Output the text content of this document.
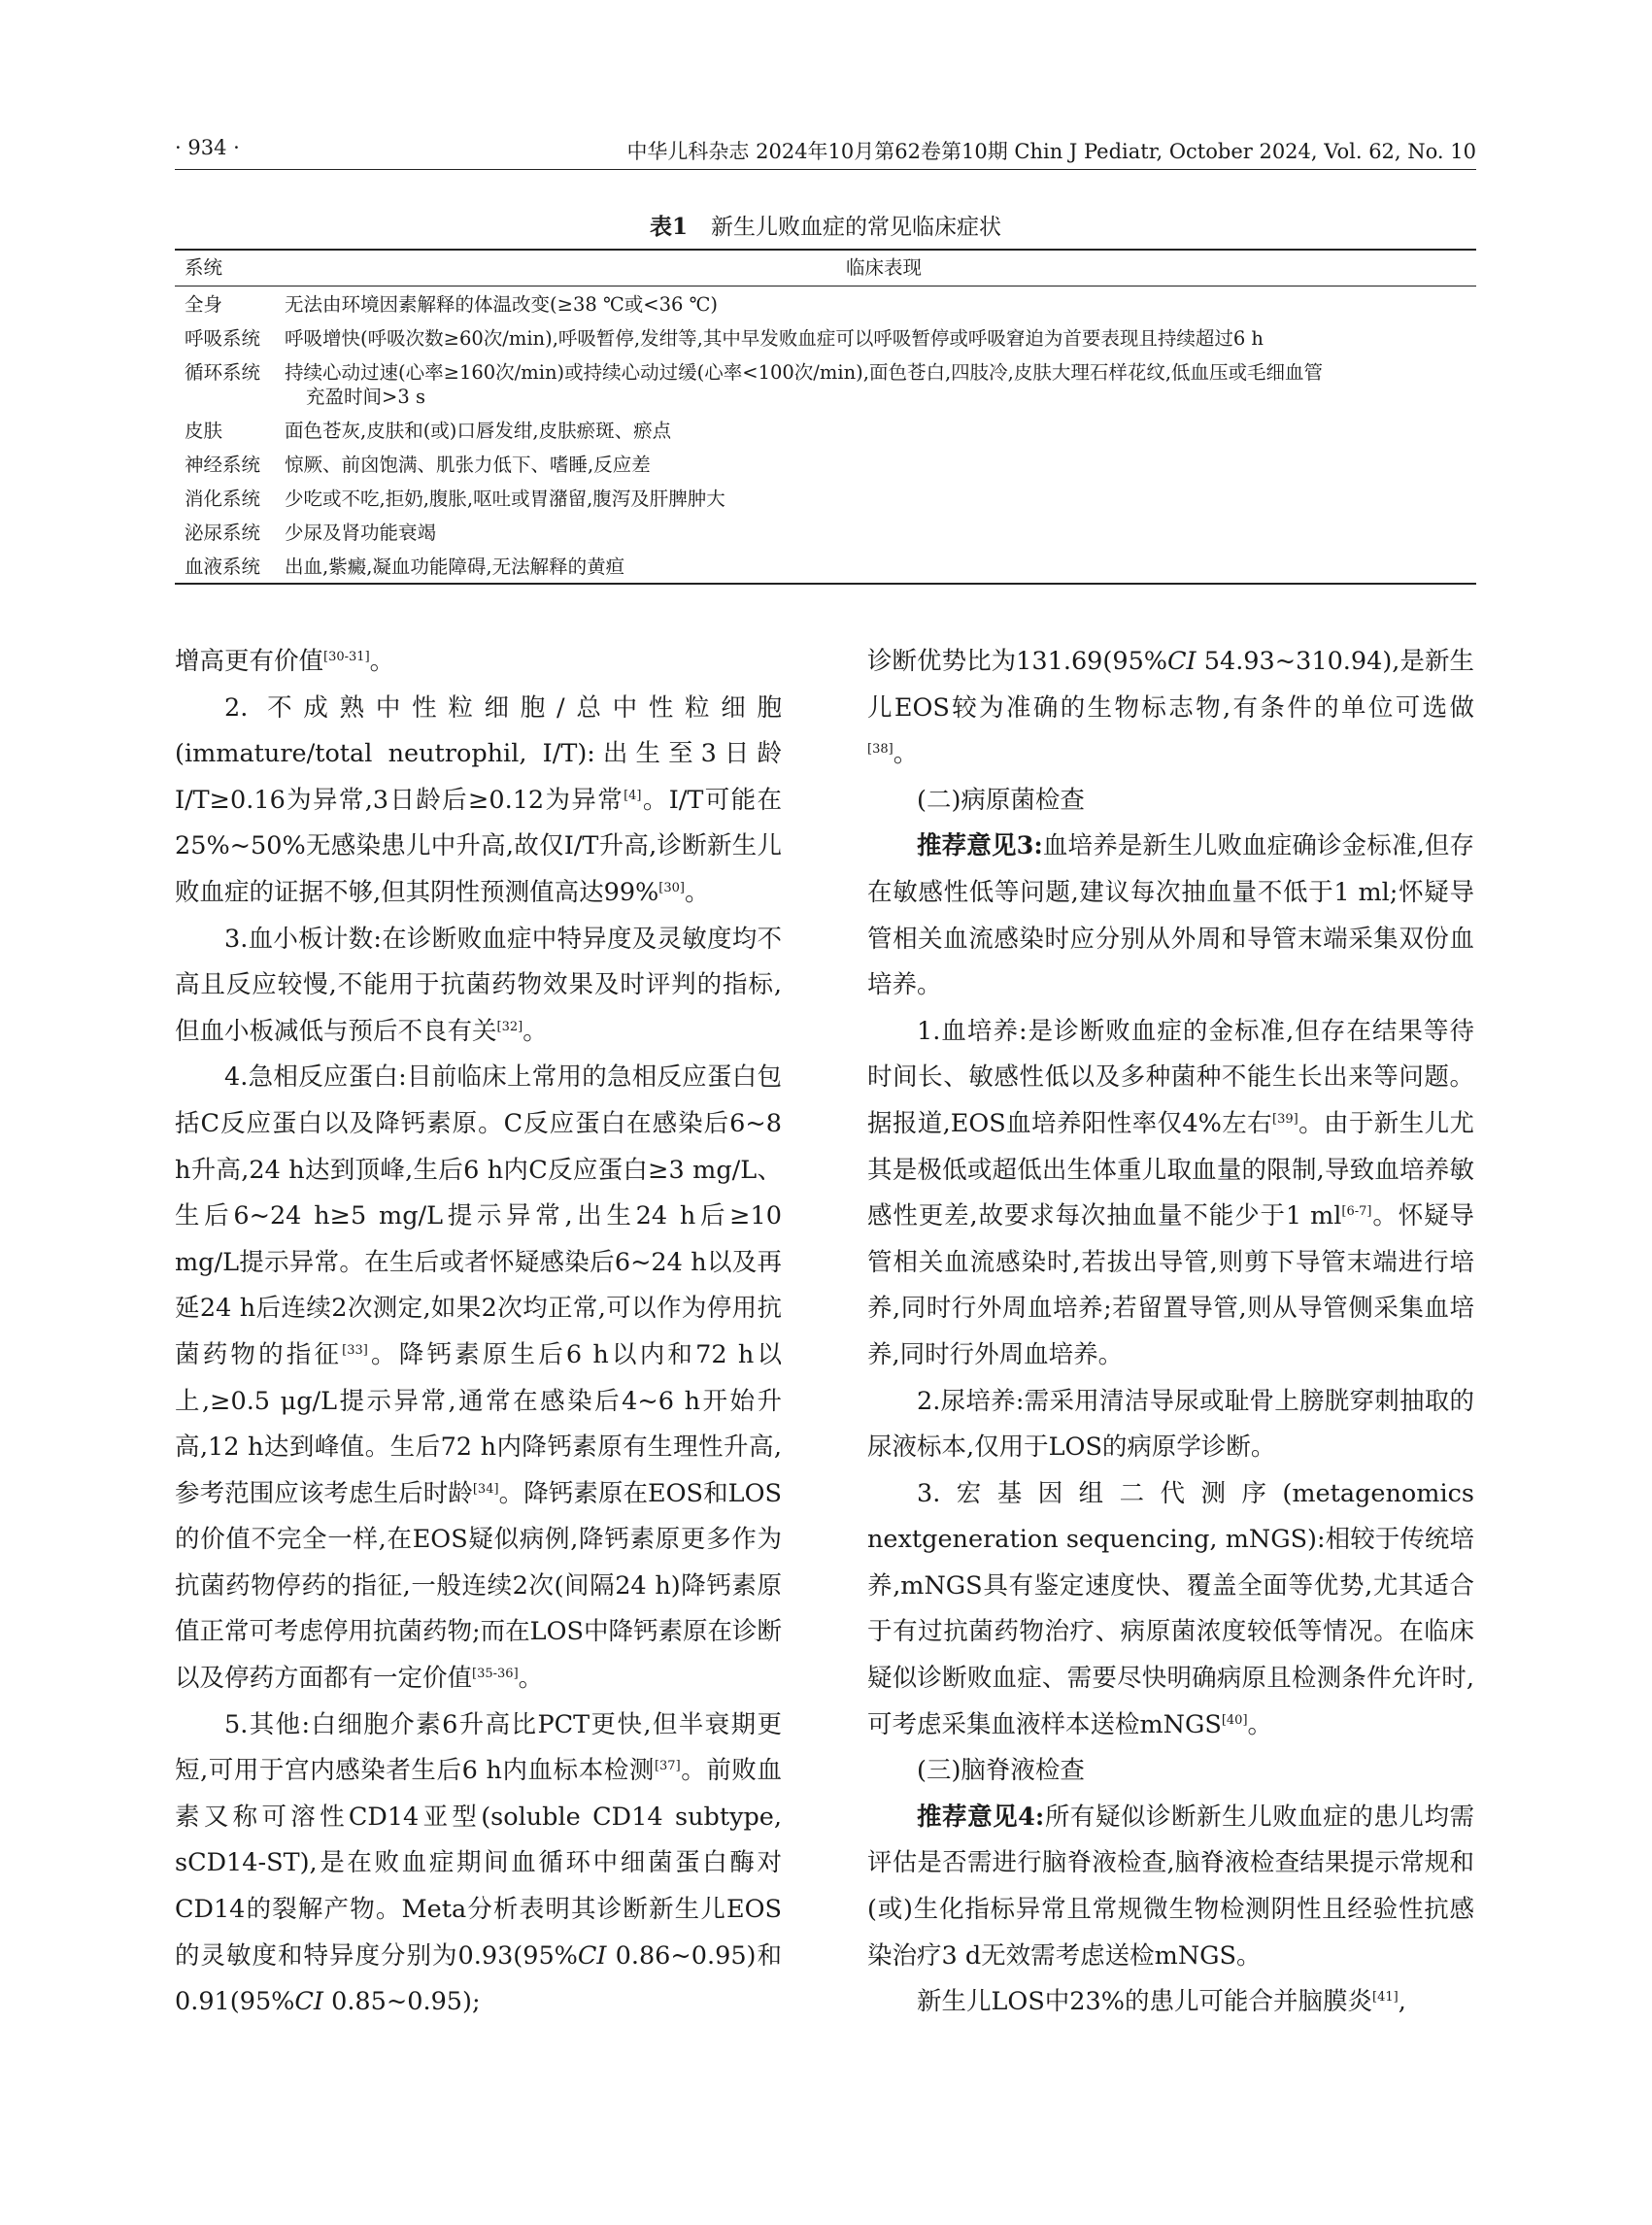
· 934 ·	中华儿科杂志 2024年10月第62卷第10期 Chin J Pediatr, October 2024, Vol. 62, No. 10
表1 新生儿败血症的常见临床症状
系统	临床表现
全身	无法由环境因素解释的体温改变(≥38 ℃或<36 ℃)
呼吸系统	呼吸增快(呼吸次数≥60次/min),呼吸暂停,发绀等,其中早发败血症可以呼吸暂停或呼吸窘迫为首要表现且持续超过6 h
循环系统	持续心动过速(心率≥160次/min)或持续心动过缓(心率<100次/min),面色苍白,四肢冷,皮肤大理石样花纹,低血压或毛细血管
充盈时间>3 s
皮肤	面色苍灰,皮肤和(或)口唇发绀,皮肤瘀斑、瘀点
神经系统	惊厥、前囟饱满、肌张力低下、嗜睡,反应差
消化系统	少吃或不吃,拒奶,腹胀,呕吐或胃潴留,腹泻及肝脾肿大
泌尿系统	少尿及肾功能衰竭
血液系统	出血,紫癜,凝血功能障碍,无法解释的黄疸

增高更有价值[30-31]。

2. 不成熟中性粒细胞/总中性粒细胞(immature/total neutrophil, I/T):出生至3日龄I/T≥0.16为异常,3日龄后≥0.12为异常[4]。I/T可能在25%~50%无感染患儿中升高,故仅I/T升高,诊断新生儿败血症的证据不够,但其阴性预测值高达99%[30]。

3.血小板计数:在诊断败血症中特异度及灵敏度均不高且反应较慢,不能用于抗菌药物效果及时评判的指标,但血小板减低与预后不良有关[32]。

4.急相反应蛋白:目前临床上常用的急相反应蛋白包括C反应蛋白以及降钙素原。C反应蛋白在感染后6~8 h升高,24 h达到顶峰,生后6 h内C反应蛋白≥3 mg/L、生后6~24 h≥5 mg/L提示异常,出生24 h后≥10 mg/L提示异常。在生后或者怀疑感染后6~24 h以及再延24 h后连续2次测定,如果2次均正常,可以作为停用抗菌药物的指征[33]。降钙素原生后6 h以内和72 h以上,≥0.5 μg/L提示异常,通常在感染后4~6 h开始升高,12 h达到峰值。生后72 h内降钙素原有生理性升高,参考范围应该考虑生后时龄[34]。降钙素原在EOS和LOS的价值不完全一样,在EOS疑似病例,降钙素原更多作为抗菌药物停药的指征,一般连续2次(间隔24 h)降钙素原值正常可考虑停用抗菌药物;而在LOS中降钙素原在诊断以及停药方面都有一定价值[35-36]。

5.其他:白细胞介素6升高比PCT更快,但半衰期更短,可用于宫内感染者生后6 h内血标本检测[37]。前败血素又称可溶性CD14亚型(soluble CD14 subtype, sCD14-ST),是在败血症期间血循环中细菌蛋白酶对CD14的裂解产物。Meta分析表明其诊断新生儿EOS的灵敏度和特异度分别为0.93(95%CI 0.86~0.95)和0.91(95%CI 0.85~0.95);

诊断优势比为131.69(95%CI 54.93~310.94),是新生儿EOS较为准确的生物标志物,有条件的单位可选做[38]。

(二)病原菌检查

推荐意见3:血培养是新生儿败血症确诊金标准,但存在敏感性低等问题,建议每次抽血量不低于1 ml;怀疑导管相关血流感染时应分别从外周和导管末端采集双份血培养。

1.血培养:是诊断败血症的金标准,但存在结果等待时间长、敏感性低以及多种菌种不能生长出来等问题。据报道,EOS血培养阳性率仅4%左右[39]。由于新生儿尤其是极低或超低出生体重儿取血量的限制,导致血培养敏感性更差,故要求每次抽血量不能少于1 ml[6-7]。怀疑导管相关血流感染时,若拔出导管,则剪下导管末端进行培养,同时行外周血培养;若留置导管,则从导管侧采集血培养,同时行外周血培养。

2.尿培养:需采用清洁导尿或耻骨上膀胱穿刺抽取的尿液标本,仅用于LOS的病原学诊断。

3.宏基因组二代测序(metagenomics nextgeneration sequencing, mNGS):相较于传统培养,mNGS具有鉴定速度快、覆盖全面等优势,尤其适合于有过抗菌药物治疗、病原菌浓度较低等情况。在临床疑似诊断败血症、需要尽快明确病原且检测条件允许时,可考虑采集血液样本送检mNGS[40]。

(三)脑脊液检查

推荐意见4:所有疑似诊断新生儿败血症的患儿均需评估是否需进行脑脊液检查,脑脊液检查结果提示常规和(或)生化指标异常且常规微生物检测阴性且经验性抗感染治疗3 d无效需考虑送检mNGS。

新生儿LOS中23%的患儿可能合并脑膜炎[41],
